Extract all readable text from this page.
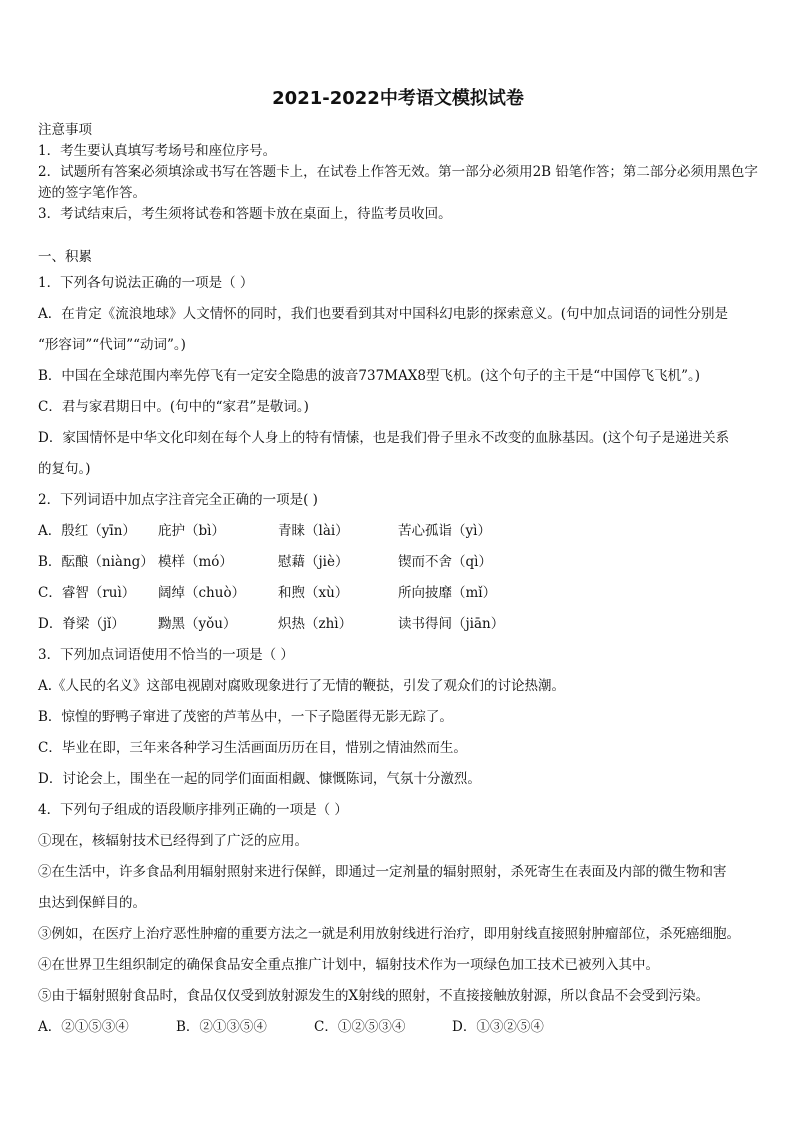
2021-2022中考语文模拟试卷
注意事项
1．考生要认真填写考场号和座位序号。
2．试题所有答案必须填涂或书写在答题卡上，在试卷上作答无效。第一部分必须用2B 铅笔作答；第二部分必须用黑色字迹的签字笔作答。
3．考试结束后，考生须将试卷和答题卡放在桌面上，待监考员收回。
一、积累
1．下列各句说法正确的一项是（ ）
A．在肯定《流浪地球》人文情怀的同时，我们也要看到其对中国科幻电影的探索意义。(句中加点词语的词性分别是
“形容词”“代词”“动词”。)
B．中国在全球范围内率先停飞有一定安全隐患的波音737MAX8型飞机。(这个句子的主干是“中国停飞飞机”。)
C．君与家君期日中。(句中的“家君”是敬词。)
D．家国情怀是中华文化印刻在每个人身上的特有情愫，也是我们骨子里永不改变的血脉基因。(这个句子是递进关系
的复句。)
2．下列词语中加点字注音完全正确的一项是( )
A．殷红（yīn） 庇护（bì）	青睐（lài）	苦心孤诣（yì）
B．酝酿（niàng） 模样（mó）	慰藉（jiè）	锲而不舍（qì）
C．睿智（ruì） 阔绰（chuò） 和煦（xù）	所向披靡（mǐ）
D．脊梁（jǐ） 黝黑（yǒu）	炽热（zhì）	读书得间（jiān）
3．下列加点词语使用不恰当的一项是（ ）
A.《人民的名义》这部电视剧对腐败现象进行了无情的鞭挞，引发了观众们的讨论热潮。
B．惊惶的野鸭子窜进了茂密的芦苇丛中，一下子隐匿得无影无踪了。
C．毕业在即，三年来各种学习生活画面历历在目，惜别之情油然而生。
D．讨论会上，围坐在一起的同学们面面相觑、慷慨陈词，气氛十分激烈。
4．下列句子组成的语段顺序排列正确的一项是（ ）
①现在，核辐射技术已经得到了广泛的应用。
②在生活中，许多食品利用辐射照射来进行保鲜，即通过一定剂量的辐射照射，杀死寄生在表面及内部的微生物和害
虫达到保鲜目的。
③例如，在医疗上治疗恶性肿瘤的重要方法之一就是利用放射线进行治疗，即用射线直接照射肿瘤部位，杀死癌细胞。
④在世界卫生组织制定的确保食品安全重点推广计划中，辐射技术作为一项绿色加工技术已被列入其中。
⑤由于辐射照射食品时，食品仅仅受到放射源发生的X射线的照射，不直接接触放射源，所以食品不会受到污染。
A．②①⑤③④	B．②①③⑤④	C．①②⑤③④	D．①③②⑤④
